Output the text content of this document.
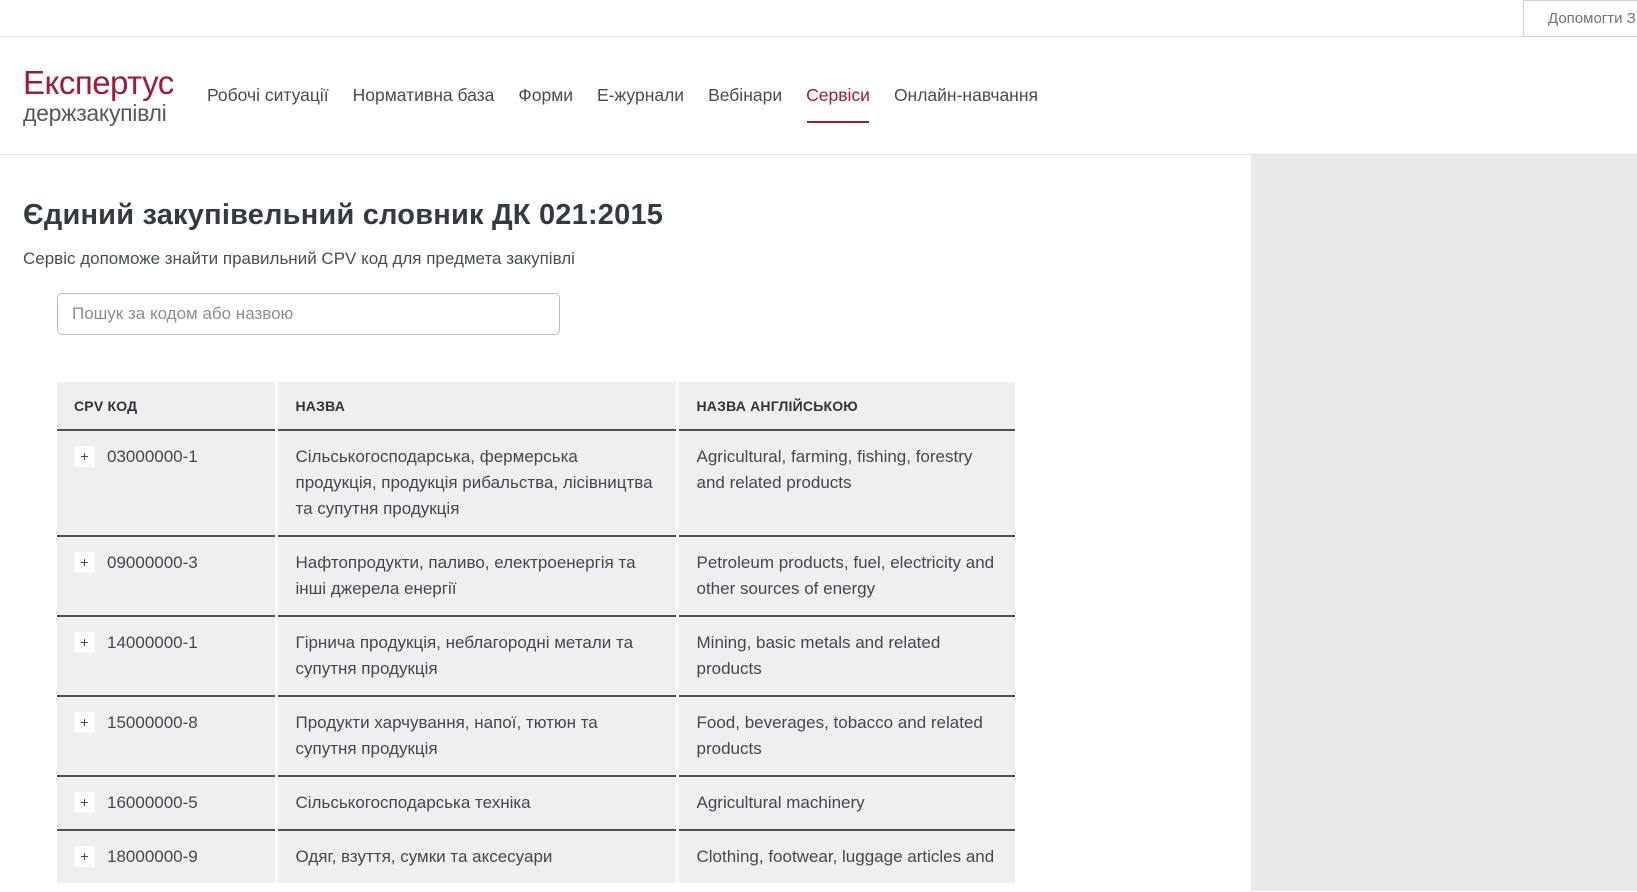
Допомогти З
Експертус
держзакупівлі
Робочі ситуації Нормативна база Форми Е-журнали Вебінари Сервіси Онлайн-навчання
Єдиний закупівельний словник ДК 021:2015
Сервіс допоможе знайти правильний CPV код для предмета закупівлі
Пошук за кодом або назвою
CPV КОД	НАЗВА	НАЗВА АНГЛІЙСЬКОЮ
+ 03000000-1	Сільськогосподарська, фермерська продукція, продукція рибальства, лісівництва та супутня продукція	Agricultural, farming, fishing, forestry and related products
+ 09000000-3	Нафтопродукти, паливо, електроенергія та інші джерела енергії	Petroleum products, fuel, electricity and other sources of energy
+ 14000000-1	Гірнича продукція, неблагородні метали та супутня продукція	Mining, basic metals and related products
+ 15000000-8	Продукти харчування, напої, тютюн та супутня продукція	Food, beverages, tobacco and related products
+ 16000000-5	Сільськогосподарська техніка	Agricultural machinery
+ 18000000-9	Одяг, взуття, сумки та аксесуари	Clothing, footwear, luggage articles and
